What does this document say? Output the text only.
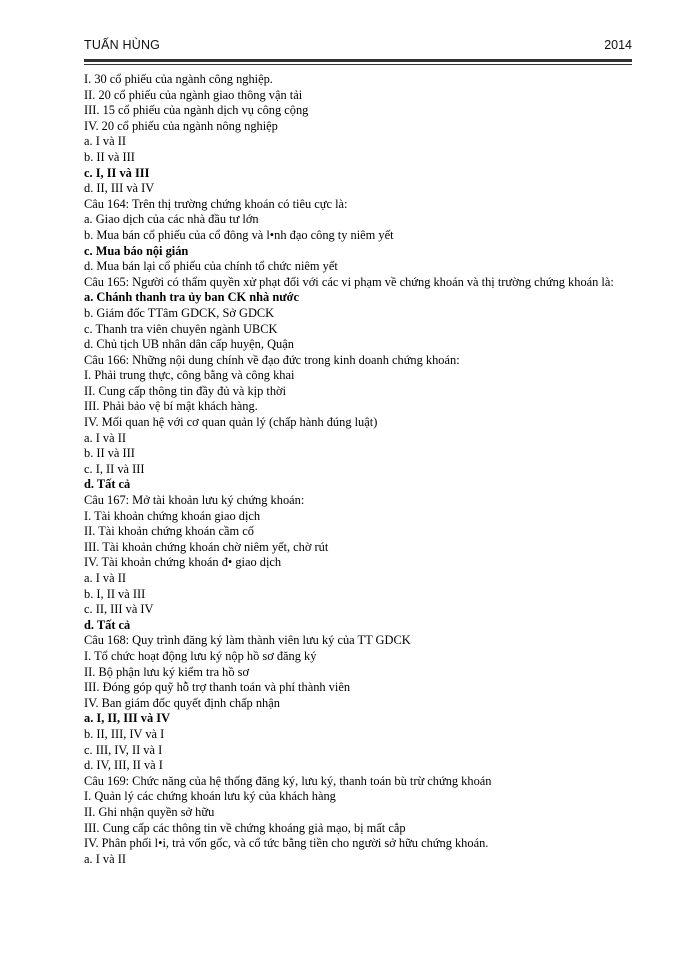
TUẤN HÙNG	2014
I. 30 cổ phiếu của ngành công nghiệp.
II. 20 cổ phiếu của ngành giao thông vận tải
III. 15 cổ phiếu của ngành dịch vụ công cộng
IV. 20 cổ phiếu của ngành nông nghiệp
a. I và II
b. II và III
c. I, II và III
d. II, III và IV
Câu 164: Trên thị trường chứng khoán có tiêu cực là:
a. Giao dịch của các nhà đầu tư lớn
b. Mua bán cổ phiếu của cổ đông và l•nh đạo công ty niêm yết
c. Mua báo nội gián
d. Mua bán lại cổ phiếu của chính tổ chức niêm yết
Câu 165: Người có thẩm quyền xử phạt đối với các vi phạm về chứng khoán và thị trường chứng khoán là:
a. Chánh thanh tra ủy ban CK nhà nước
b. Giám đốc TTâm GDCK, Sở GDCK
c. Thanh tra viên chuyên ngành UBCK
d. Chủ tịch UB nhân dân cấp huyện, Quận
Câu 166: Những nội dung chính về đạo đức trong kinh doanh chứng khoán:
I. Phải trung thực, công bằng và công khai
II. Cung cấp thông tin đầy đủ và kịp thời
III. Phải bảo vệ bí mật khách hàng.
IV. Mối quan hệ với cơ quan quản lý (chấp hành đúng luật)
a. I và II
b. II và III
c. I, II và III
d. Tất cả
Câu 167: Mở tài khoản lưu ký chứng khoán:
I. Tài khoản chứng khoán giao dịch
II. Tài khoản chứng khoán cầm cố
III. Tài khoản chứng khoán chờ niêm yết, chờ rút
IV. Tài khoản chứng khoán đ• giao dịch
a. I và II
b. I, II và III
c. II, III và IV
d. Tất cả
Câu 168: Quy trình đăng ký làm thành viên lưu ký của TT GDCK
I. Tổ chức hoạt động lưu ký nộp hồ sơ đăng ký
II. Bộ phận lưu ký kiểm tra hồ sơ
III. Đóng góp quỹ hỗ trợ thanh toán và phí thành viên
IV. Ban giám đốc quyết định chấp nhận
a. I, II, III và IV
b. II, III, IV và I
c. III, IV, II và I
d. IV, III, II và I
Câu 169: Chức năng của hệ thống đăng ký, lưu ký, thanh toán bù trừ chứng khoán
I. Quản lý các chứng khoán lưu ký của khách hàng
II. Ghi nhận quyền sở hữu
III. Cung cấp các thông tin về chứng khoáng giả mạo, bị mất cắp
IV. Phân phối l•i, trả vốn gốc, và cổ tức bằng tiền cho người sở hữu chứng khoán.
a. I và II
